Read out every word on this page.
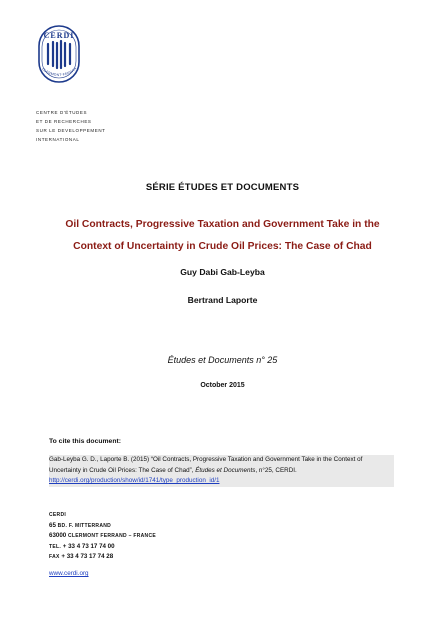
CERDI
CLERMONT-FERRAN
CENTRE D'ÉTUDES
ET DE RECHERCHES
SUR LE DEVELOPPEMENT
INTERNATIONAL
SÉRIE ÉTUDES ET DOCUMENTS
Oil Contracts, Progressive Taxation and Government Take in the
Context of Uncertainty in Crude Oil Prices: The Case of Chad
Guy Dabi Gab-Leyba
Bertrand Laporte
Études et Documents n° 25
October 2015
To cite this document:
Gab-Leyba G. D., Laporte B. (2015) “Oil Contracts, Progressive Taxation and Government Take in the Context of Uncertainty in Crude Oil Prices: The Case of Chad”, Études et Documents, n°25, CERDI. http://cerdi.org/production/show/id/1741/type_production_id/1
CERDI
65 BD. F. MITTERRAND
63000 CLERMONT FERRAND – FRANCE
TEL. + 33 4 73 17 74 00
FAX + 33 4 73 17 74 28
www.cerdi.org
